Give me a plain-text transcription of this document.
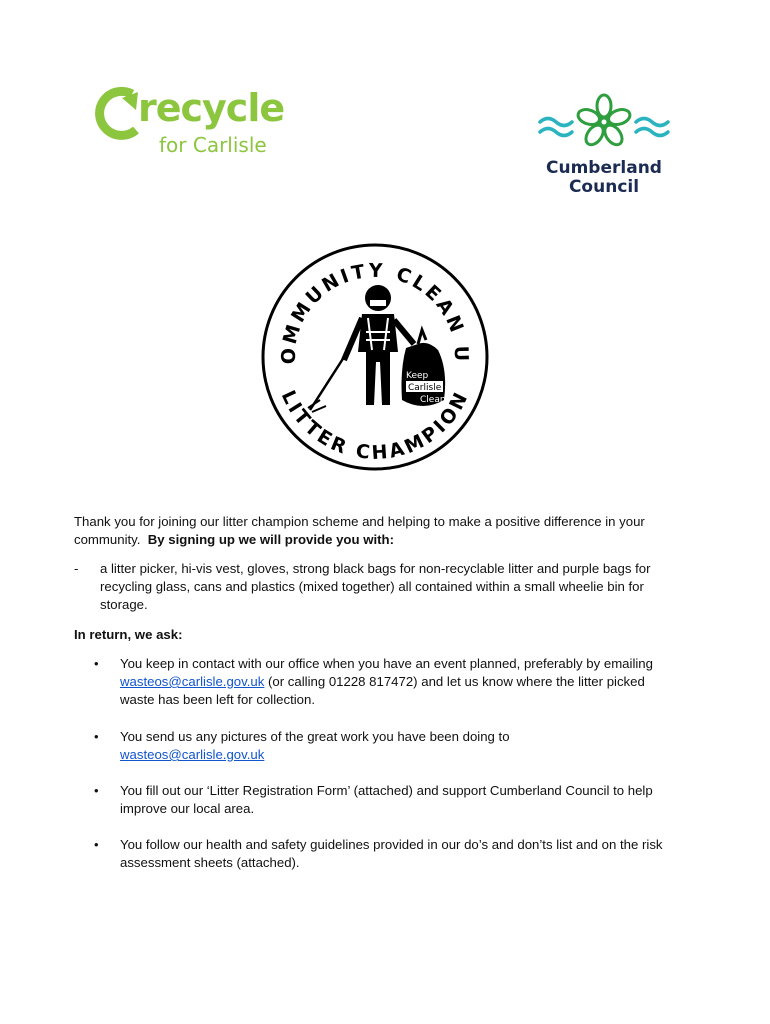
recycle
for Carlisle
Cumberland
Council
OMMUNITY CLEAN U
LITTER CHAMPION
Keep
Carlisle
Clean
Thank you for joining our litter champion scheme and helping to make a positive difference in your community. By signing up we will provide you with:
- a litter picker, hi-vis vest, gloves, strong black bags for non-recyclable litter and purple bags for recycling glass, cans and plastics (mixed together) all contained within a small wheelie bin for storage.
In return, we ask:
• You keep in contact with our office when you have an event planned, preferably by emailing wasteos@carlisle.gov.uk (or calling 01228 817472) and let us know where the litter picked waste has been left for collection.
• You send us any pictures of the great work you have been doing to
wasteos@carlisle.gov.uk
• You fill out our ‘Litter Registration Form’ (attached) and support Cumberland Council to help improve our local area.
• You follow our health and safety guidelines provided in our do’s and don’ts list and on the risk assessment sheets (attached).
